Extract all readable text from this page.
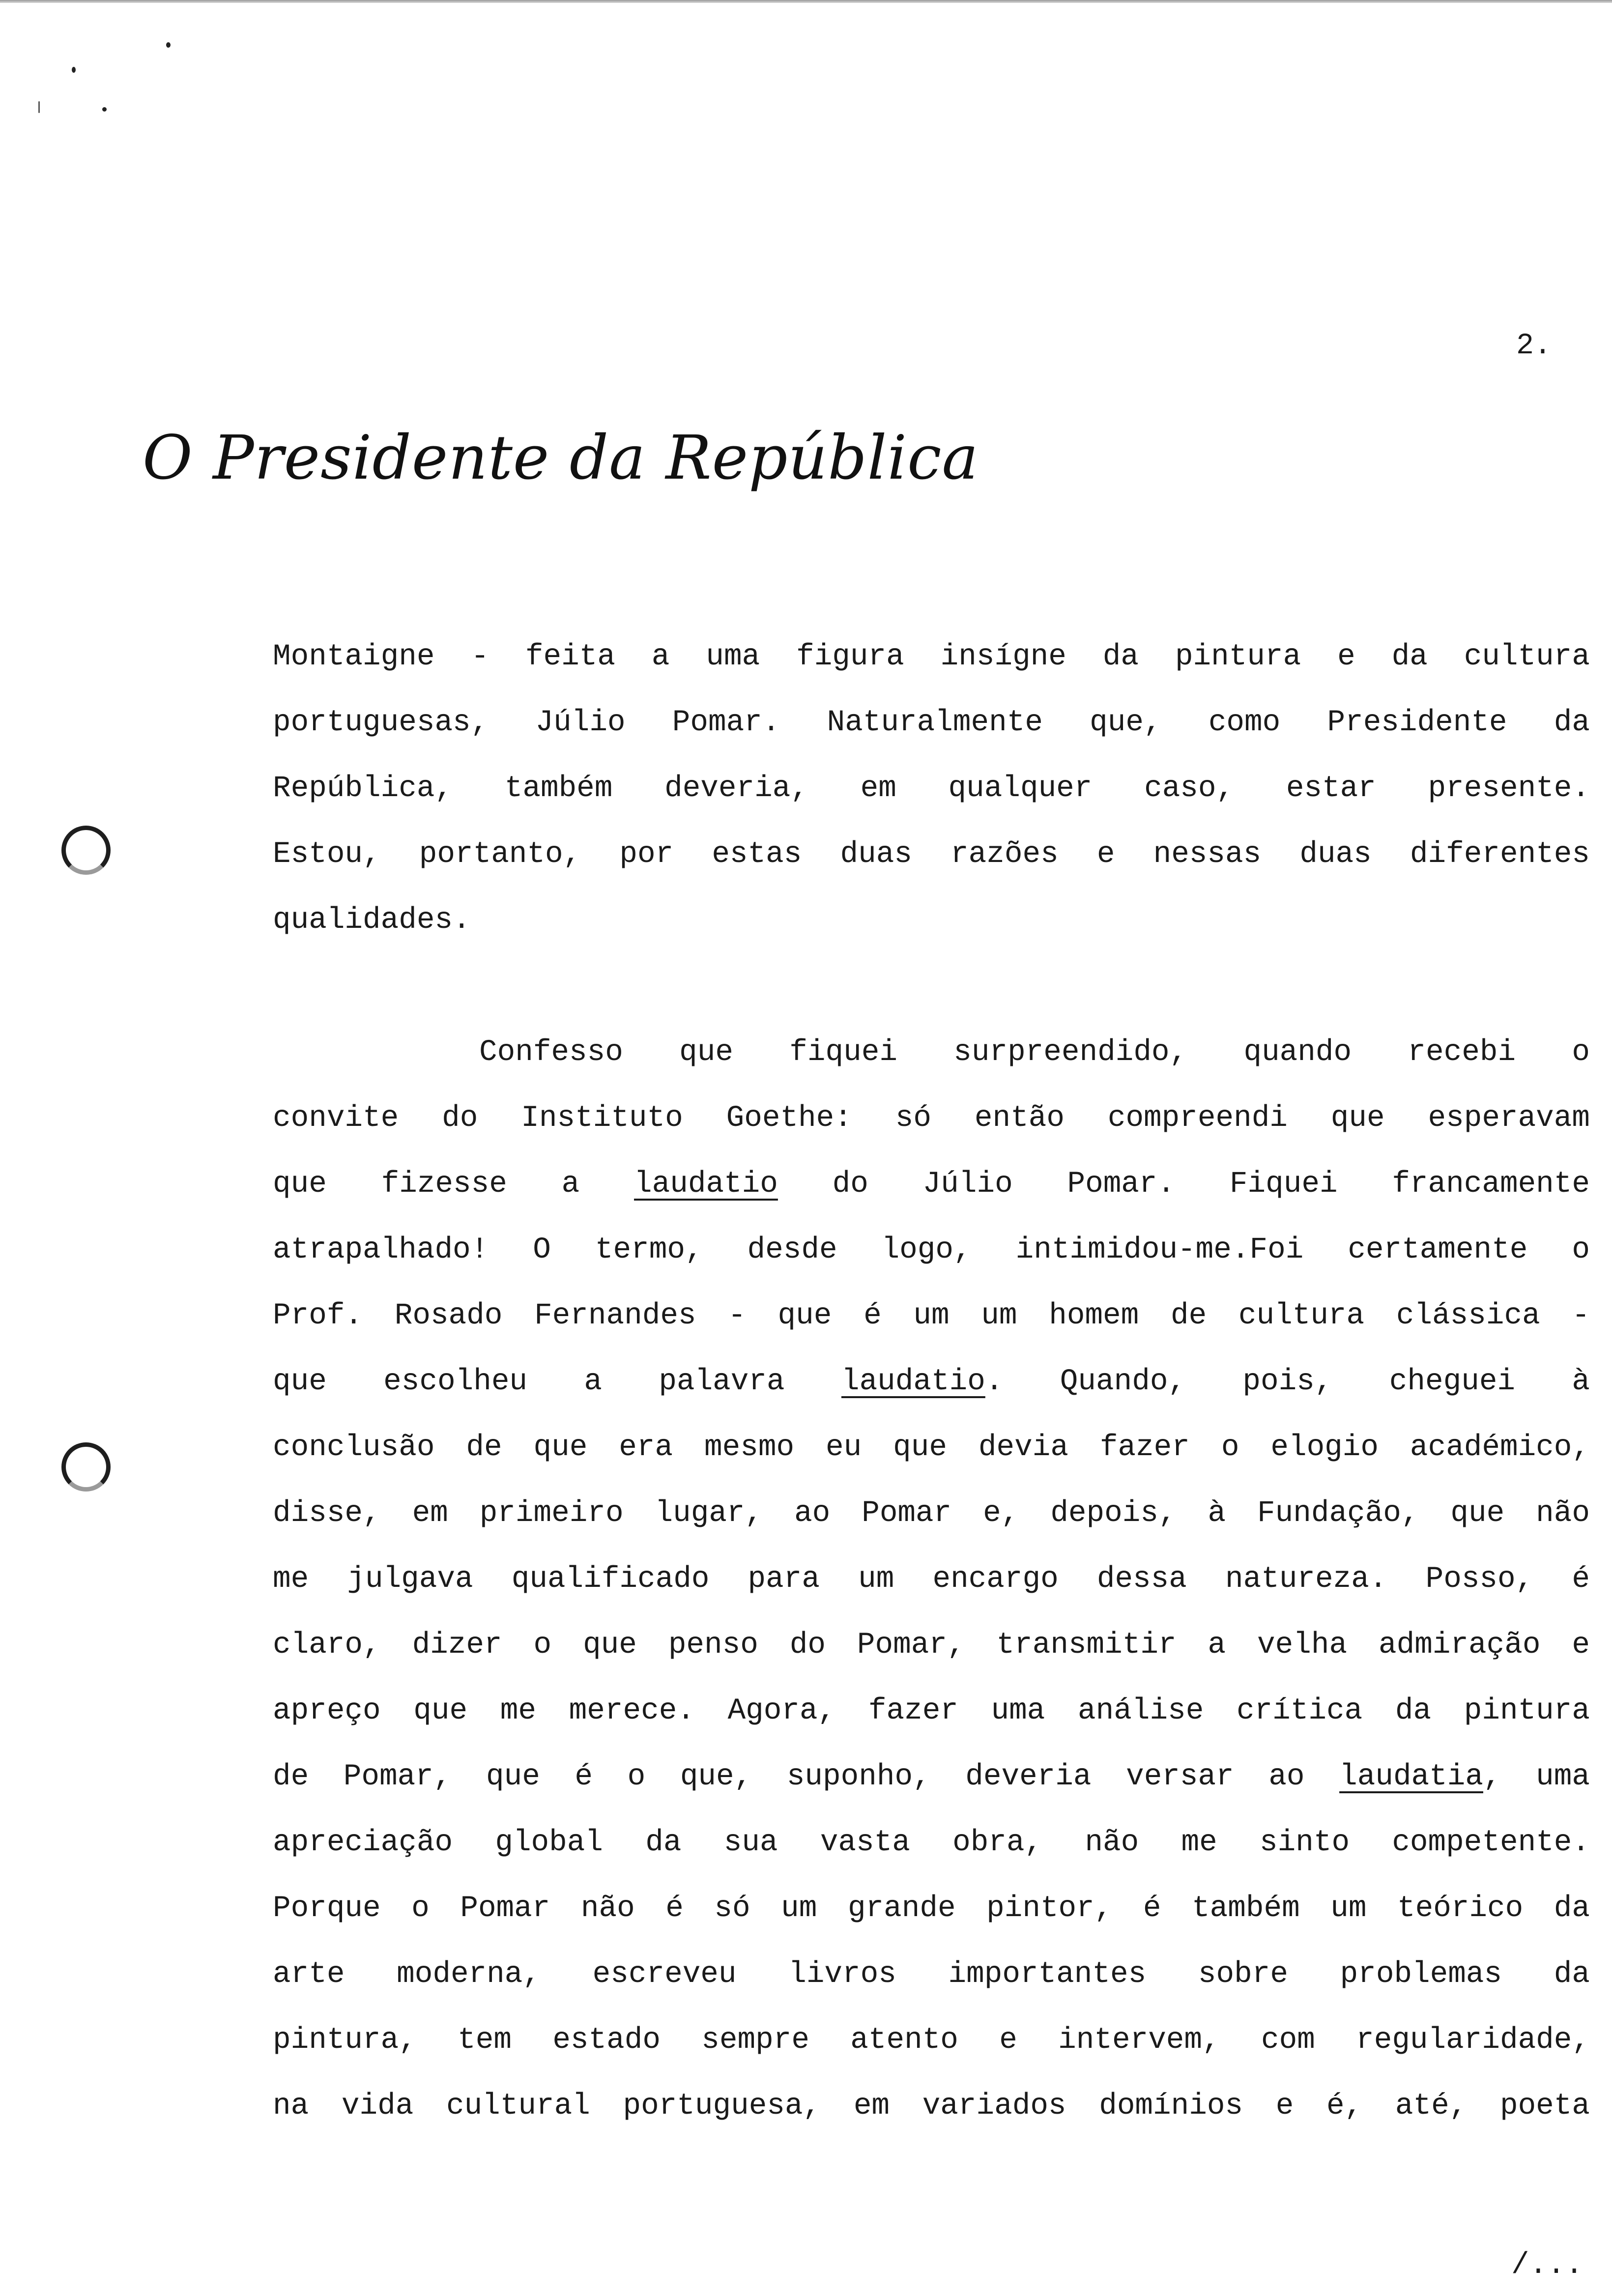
2.
O Presidente da República
Montaigne - feita a uma figura insígne da pintura e da cultura
portuguesas, Júlio Pomar. Naturalmente que, como Presidente da
República, também deveria, em qualquer caso, estar presente.
Estou, portanto, por estas duas razões e nessas duas diferentes
qualidades.
Confesso que fiquei surpreendido, quando recebi o
convite do Instituto Goethe: só então compreendi que esperavam
que fizesse a laudatio do Júlio Pomar. Fiquei francamente
atrapalhado! O termo, desde logo, intimidou-me.Foi certamente o
Prof. Rosado Fernandes - que é um um homem de cultura clássica -
que escolheu a palavra laudatio. Quando, pois, cheguei à
conclusão de que era mesmo eu que devia fazer o elogio académico,
disse, em primeiro lugar, ao Pomar e, depois, à Fundação, que não
me julgava qualificado para um encargo dessa natureza. Posso, é
claro, dizer o que penso do Pomar, transmitir a velha admiração e
apreço que me merece. Agora, fazer uma análise crítica da pintura
de Pomar, que é o que, suponho, deveria versar ao laudatia, uma
apreciação global da sua vasta obra, não me sinto competente.
Porque o Pomar não é só um grande pintor, é também um teórico da
arte moderna, escreveu livros importantes sobre problemas da
pintura, tem estado sempre atento e intervem, com regularidade,
na vida cultural portuguesa, em variados domínios e é, até, poeta
/...
